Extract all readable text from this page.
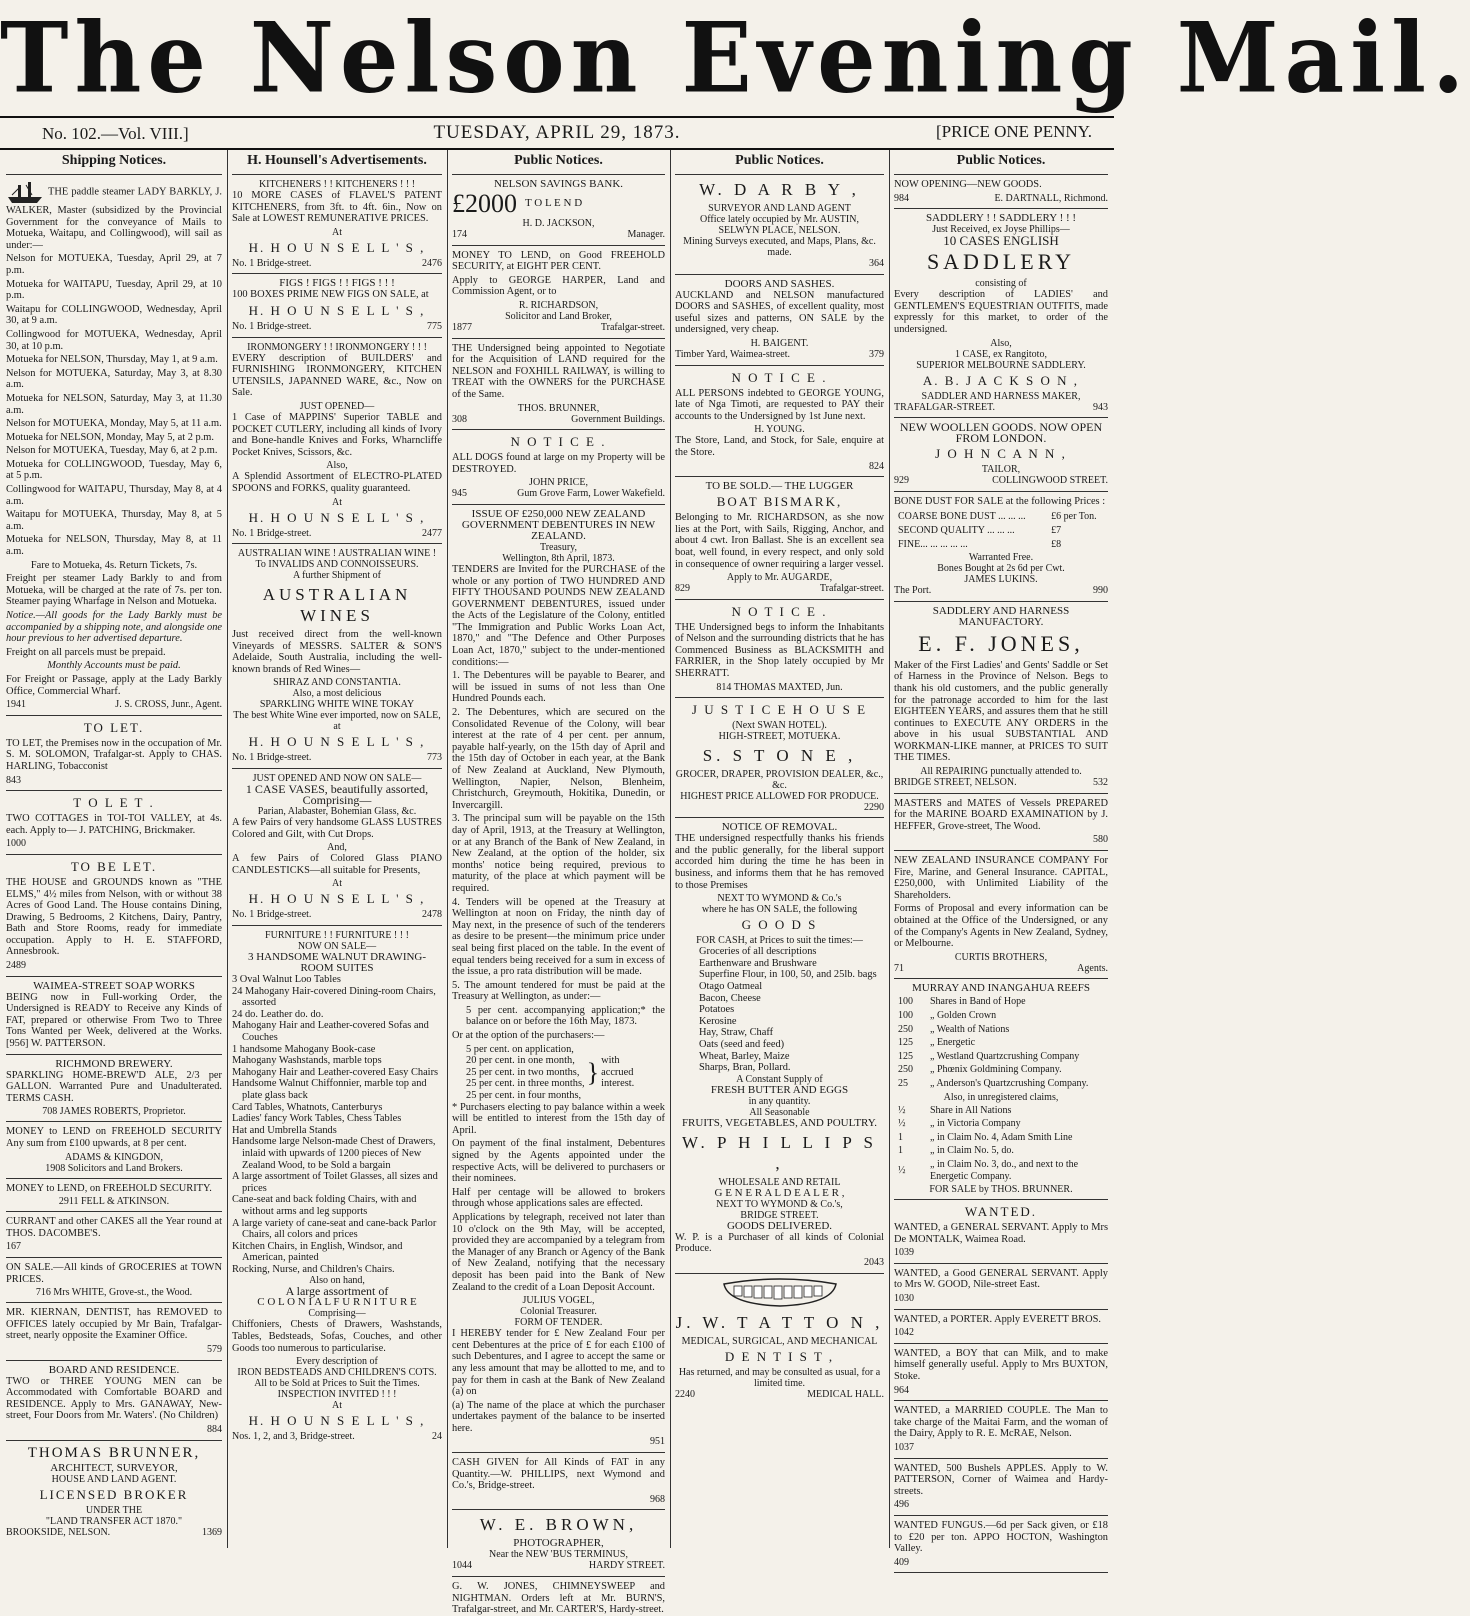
The Nelson Evening Mail.
TUESDAY, APRIL 29, 1873.
No. 102.—Vol. VIII.]	[PRICE ONE PENNY.
Shipping Notices.

THE paddle steamer LADY BARKLY, J. WALKER, Master (subsidized by the Provincial Government for the conveyance of Mails to Motueka, Waitapu, and Collingwood), will sail as under:—

Nelson for MOTUEKA, Tuesday, April 29, at 7 p.m.

Motueka for WAITAPU, Tuesday, April 29, at 10 p.m.

Waitapu for COLLINGWOOD, Wednesday, April 30, at 9 a.m.

Collingwood for MOTUEKA, Wednesday, April 30, at 10 p.m.

Motueka for NELSON, Thursday, May 1, at 9 a.m.

Nelson for MOTUEKA, Saturday, May 3, at 8.30 a.m.

Motueka for NELSON, Saturday, May 3, at 11.30 a.m.

Nelson for MOTUEKA, Monday, May 5, at 11 a.m.

Motueka for NELSON, Monday, May 5, at 2 p.m.

Nelson for MOTUEKA, Tuesday, May 6, at 2 p.m.

Motueka for COLLINGWOOD, Tuesday, May 6, at 5 p.m.

Collingwood for WAITAPU, Thursday, May 8, at 4 a.m.

Waitapu for MOTUEKA, Thursday, May 8, at 5 a.m.

Motueka for NELSON, Thursday, May 8, at 11 a.m.

Fare to Motueka, 4s. Return Tickets, 7s.

Freight per steamer Lady Barkly to and from Motueka, will be charged at the rate of 7s. per ton. Steamer paying Wharfage in Nelson and Motueka.

Notice.—All goods for the Lady Barkly must be accompanied by a shipping note, and alongside one hour previous to her advertised departure.

Freight on all parcels must be prepaid.

Monthly Accounts must be paid.

For Freight or Passage, apply at the Lady Barkly Office, Commercial Wharf.

1941	J. S. CROSS, Junr., Agent.
TO LET.

TO LET, the Premises now in the occupation of Mr. S. M. SOLOMON, Trafalgar-st. Apply to CHAS. HARLING, Tobacconist

843
T O L E T .

TWO COTTAGES in TOI-TOI VALLEY, at 4s. each. Apply to— J. PATCHING, Brickmaker.

1000
TO BE LET.

THE HOUSE and GROUNDS known as "THE ELMS," 4½ miles from Nelson, with or without 38 Acres of Good Land. The House contains Dining, Drawing, 5 Bedrooms, 2 Kitchens, Dairy, Pantry, Bath and Store Rooms, ready for immediate occupation. Apply to H. E. STAFFORD, Annesbrook.

2489
WAIMEA-STREET SOAP WORKS

BEING now in Full-working Order, the Undersigned is READY to Receive any Kinds of FAT, prepared or otherwise From Two to Three Tons Wanted per Week, delivered at the Works. [956] W. PATTERSON.

RICHMOND BREWERY.

SPARKLING HOME-BREW'D ALE, 2/3 per GALLON. Warranted Pure and Unadulterated. TERMS CASH.

708 JAMES ROBERTS, Proprietor.

MONEY to LEND on FREEHOLD SECURITY Any sum from £100 upwards, at 8 per cent.

ADAMS & KINGDON,
1908 Solicitors and Land Brokers.

MONEY to LEND, on FREEHOLD SECURITY.

2911 FELL & ATKINSON.

CURRANT and other CAKES all the Year round at THOS. DACOMBE'S.

167

ON SALE.—All kinds of GROCERIES at TOWN PRICES.

716 Mrs WHITE, Grove-st., the Wood.

MR. KIERNAN, DENTIST, has REMOVED to OFFICES lately occupied by Mr Bain, Trafalgar-street, nearly opposite the Examiner Office.

579
BOARD AND RESIDENCE.

TWO or THREE YOUNG MEN can be Accommodated with Comfortable BOARD and RESIDENCE. Apply to Mrs. GANAWAY, New-street, Four Doors from Mr. Waters'. (No Children)

884
THOMAS BRUNNER,
ARCHITECT, SURVEYOR,
HOUSE AND LAND AGENT.
LICENSED BROKER
UNDER THE
"LAND TRANSFER ACT 1870."
BROOKSIDE, NELSON.	1369
H. Hounsell's Advertisements.
KITCHENERS ! ! KITCHENERS ! ! !

10 MORE CASES of FLAVEL'S PATENT KITCHENERS, from 3ft. to 4ft. 6in., Now on Sale at LOWEST REMUNERATIVE PRICES.

At
H. H O U N S E L L ' S ,
No. 1 Bridge-street.	2476
FIGS ! FIGS ! ! FIGS ! ! !

100 BOXES PRIME NEW FIGS ON SALE, at

H. H O U N S E L L ' S ,
No. 1 Bridge-street.	775
IRONMONGERY ! ! IRONMONGERY ! ! !

EVERY description of BUILDERS' and FURNISHING IRONMONGERY, KITCHEN UTENSILS, JAPANNED WARE, &c., Now on Sale.

JUST OPENED—

1 Case of MAPPINS' Superior TABLE and POCKET CUTLERY, including all kinds of Ivory and Bone-handle Knives and Forks, Wharncliffe Pocket Knives, Scissors, &c.

Also,

A Splendid Assortment of ELECTRO-PLATED SPOONS and FORKS, quality guaranteed.

At
H. H O U N S E L L ' S ,
No. 1 Bridge-street.	2477
AUSTRALIAN WINE ! AUSTRALIAN WINE !
To INVALIDS AND CONNOISSEURS.
A further Shipment of
AUSTRALIAN WINES

Just received direct from the well-known Vineyards of MESSRS. SALTER & SON'S Adelaide, South Australia, including the well-known brands of Red Wines—

SHIRAZ AND CONSTANTIA.
Also, a most delicious
SPARKLING WHITE WINE TOKAY
The best White Wine ever imported, now on SALE, at
H. H O U N S E L L ' S ,
No. 1 Bridge-street.	773
JUST OPENED AND NOW ON SALE—
1 CASE VASES, beautifully assorted, Comprising—
Parian, Alabaster, Bohemian Glass, &c.

A few Pairs of very handsome GLASS LUSTRES Colored and Gilt, with Cut Drops.

And,

A few Pairs of Colored Glass PIANO CANDLESTICKS—all suitable for Presents,

At
H. H O U N S E L L ' S ,
No. 1 Bridge-street.	2478
FURNITURE ! ! FURNITURE ! ! !
NOW ON SALE—
3 HANDSOME WALNUT DRAWING-ROOM SUITES
3 Oval Walnut Loo Tables
24 Mahogany Hair-covered Dining-room Chairs, assorted
24 do. Leather do. do.
Mahogany Hair and Leather-covered Sofas and Couches
1 handsome Mahogany Book-case
Mahogany Washstands, marble tops
Mahogany Hair and Leather-covered Easy Chairs
Handsome Walnut Chiffonnier, marble top and plate glass back
Card Tables, Whatnots, Canterburys
Ladies' fancy Work Tables, Chess Tables
Hat and Umbrella Stands
Handsome large Nelson-made Chest of Drawers, inlaid with upwards of 1200 pieces of New Zealand Wood, to be Sold a bargain
A large assortment of Toilet Glasses, all sizes and prices
Cane-seat and back folding Chairs, with and without arms and leg supports
A large variety of cane-seat and cane-back Parlor Chairs, all colors and prices
Kitchen Chairs, in English, Windsor, and American, painted
Rocking, Nurse, and Children's Chairs.
Also on hand,
A large assortment of
C O L O N I A L F U R N I T U R E
Comprising—

Chiffoniers, Chests of Drawers, Washstands, Tables, Bedsteads, Sofas, Couches, and other Goods too numerous to particularise.

Every description of
IRON BEDSTEADS AND CHILDREN'S COTS.
All to be Sold at Prices to Suit the Times.
INSPECTION INVITED ! ! !
At
H. H O U N S E L L ' S ,
Nos. 1, 2, and 3, Bridge-street.	24
Public Notices.
NELSON SAVINGS BANK.
£2000 T O L E N D
H. D. JACKSON,
174	Manager.

MONEY TO LEND, on Good FREEHOLD SECURITY, at EIGHT PER CENT.

Apply to GEORGE HARPER, Land and Commission Agent, or to

R. RICHARDSON,
Solicitor and Land Broker,
1877	Trafalgar-street.

THE Undersigned being appointed to Negotiate for the Acquisition of LAND required for the NELSON and FOXHILL RAILWAY, is willing to TREAT with the OWNERS for the PURCHASE of the Same.

THOS. BRUNNER,
308	Government Buildings.
N O T I C E .

ALL DOGS found at large on my Property will be DESTROYED.

JOHN PRICE,
945	Gum Grove Farm, Lower Wakefield.
ISSUE OF £250,000 NEW ZEALAND GOVERNMENT DEBENTURES IN NEW ZEALAND.
Treasury,
Wellington, 8th April, 1873.

TENDERS are Invited for the PURCHASE of the whole or any portion of TWO HUNDRED AND FIFTY THOUSAND POUNDS NEW ZEALAND GOVERNMENT DEBENTURES, issued under the Acts of the Legislature of the Colony, entitled "The Immigration and Public Works Loan Act, 1870," and "The Defence and Other Purposes Loan Act, 1870," subject to the under-mentioned conditions:—

1. The Debentures will be payable to Bearer, and will be issued in sums of not less than One Hundred Pounds each.

2. The Debentures, which are secured on the Consolidated Revenue of the Colony, will bear interest at the rate of 4 per cent. per annum, payable half-yearly, on the 15th day of April and the 15th day of October in each year, at the Bank of New Zealand at Auckland, New Plymouth, Wellington, Napier, Nelson, Blenheim, Christchurch, Greymouth, Hokitika, Dunedin, or Invercargill.

3. The principal sum will be payable on the 15th day of April, 1913, at the Treasury at Wellington, or at any Branch of the Bank of New Zealand, in New Zealand, at the option of the holder, six months' notice being required, previous to maturity, of the place at which payment will be required.

4. Tenders will be opened at the Treasury at Wellington at noon on Friday, the ninth day of May next, in the presence of such of the tenderers as desire to be present—the minimum price under seal being first placed on the table. In the event of equal tenders being received for a sum in excess of the issue, a pro rata distribution will be made.

5. The amount tendered for must be paid at the Treasury at Wellington, as under:—

5 per cent. accompanying application;* the balance on or before the 16th May, 1873.

Or at the option of the purchasers:—

5 per cent. on application,
20 per cent. in one month,
25 per cent. in two months,
25 per cent. in three months,
25 per cent. in four months,
} with accrued interest.

* Purchasers electing to pay balance within a week will be entitled to interest from the 15th day of April.

On payment of the final instalment, Debentures signed by the Agents appointed under the respective Acts, will be delivered to purchasers or their nominees.

Half per centage will be allowed to brokers through whose applications sales are effected.

Applications by telegraph, received not later than 10 o'clock on the 9th May, will be accepted, provided they are accompanied by a telegram from the Manager of any Branch or Agency of the Bank of New Zealand, notifying that the necessary deposit has been paid into the Bank of New Zealand to the credit of a Loan Deposit Account.

JULIUS VOGEL,
Colonial Treasurer.
FORM OF TENDER.

I HEREBY tender for £ New Zealand Four per cent Debentures at the price of £ for each £100 of such Debentures, and I agree to accept the same or any less amount that may be allotted to me, and to pay for them in cash at the Bank of New Zealand (a) on

(a) The name of the place at which the purchaser undertakes payment of the balance to be inserted here.

951

CASH GIVEN for All Kinds of FAT in any Quantity.—W. PHILLIPS, next Wymond and Co.'s, Bridge-street.

968
W. E. BROWN,
PHOTOGRAPHER,
Near the NEW 'BUS TERMINUS,
1044	HARDY STREET.

G. W. JONES, CHIMNEYSWEEP and NIGHTMAN. Orders left at Mr. BURN'S, Trafalgar-street, and Mr. CARTER'S, Hardy-street.

Public Notices.
W. D A R B Y ,
SURVEYOR AND LAND AGENT
Office lately occupied by Mr. AUSTIN,
SELWYN PLACE, NELSON.
Mining Surveys executed, and Maps, Plans, &c. made.
364
DOORS AND SASHES.

AUCKLAND and NELSON manufactured DOORS and SASHES, of excellent quality, most useful sizes and patterns, ON SALE by the undersigned, very cheap.

H. BAIGENT.
Timber Yard, Waimea-street.	379
N O T I C E .

ALL PERSONS indebted to GEORGE YOUNG, late of Nga Timoti, are requested to PAY their accounts to the Undersigned by 1st June next.

H. YOUNG.

The Store, Land, and Stock, for Sale, enquire at the Store.

824
TO BE SOLD.— THE LUGGER
BOAT BISMARK,

Belonging to Mr. RICHARDSON, as she now lies at the Port, with Sails, Rigging, Anchor, and about 4 cwt. Iron Ballast. She is an excellent sea boat, well found, in every respect, and only sold in consequence of owner requiring a larger vessel.

Apply to Mr. AUGARDE,
829	Trafalgar-street.
N O T I C E .

THE Undersigned begs to inform the Inhabitants of Nelson and the surrounding districts that he has Commenced Business as BLACKSMITH and FARRIER, in the Shop lately occupied by Mr SHERRATT.

814 THOMAS MAXTED, Jun.
J U S T I C E H O U S E
(Next SWAN HOTEL).
HIGH-STREET, MOTUEKA.
S. S T O N E ,
GROCER, DRAPER, PROVISION DEALER, &c., &c.
HIGHEST PRICE ALLOWED FOR PRODUCE.
2290
NOTICE OF REMOVAL.

THE undersigned respectfully thanks his friends and the public generally, for the liberal support accorded him during the time he has been in business, and informs them that he has removed to those Premises

NEXT TO WYMOND & Co.'s
where he has ON SALE, the following
G O O D S
FOR CASH, at Prices to suit the times:—
Groceries of all descriptions
Earthenware and Brushware
Superfine Flour, in 100, 50, and 25lb. bags
Otago Oatmeal
Bacon, Cheese
Potatoes
Kerosine
Hay, Straw, Chaff
Oats (seed and feed)
Wheat, Barley, Maize
Sharps, Bran, Pollard.
A Constant Supply of
FRESH BUTTER AND EGGS
in any quantity.
All Seasonable
FRUITS, VEGETABLES, AND POULTRY.
W. P H I L L I P S ,
WHOLESALE AND RETAIL
G E N E R A L D E A L E R ,
NEXT TO WYMOND & Co.'s,
BRIDGE STREET.
GOODS DELIVERED.

W. P. is a Purchaser of all kinds of Colonial Produce.

2043
J. W. T A T T O N ,
MEDICAL, SURGICAL, AND MECHANICAL
D E N T I S T ,
Has returned, and may be consulted as usual, for a limited time.
2240	MEDICAL HALL.
Public Notices.

NOW OPENING—NEW GOODS.

984	E. DARTNALL, Richmond.
SADDLERY ! ! SADDLERY ! ! !
Just Received, ex Joyse Phillips—
10 CASES ENGLISH
SADDLERY
consisting of

Every description of LADIES' and GENTLEMEN'S EQUESTRIAN OUTFITS, made expressly for this market, to order of the undersigned.

Also,
1 CASE, ex Rangitoto,
SUPERIOR MELBOURNE SADDLERY.
A. B. J A C K S O N ,
SADDLER AND HARNESS MAKER,
TRAFALGAR-STREET.	943
NEW WOOLLEN GOODS. NOW OPEN FROM LONDON.
J O H N C A N N ,
TAILOR,
929	COLLINGWOOD STREET.

BONE DUST FOR SALE at the following Prices :

COARSE BONE DUST ... ... ...	£6 per Ton.
SECOND QUALITY ... ... ...	£7
FINE... ... ... ... ...	£8
Warranted Free.
Bones Bought at 2s 6d per Cwt.
JAMES LUKINS.
The Port.	990
SADDLERY AND HARNESS MANUFACTORY.
E. F. JONES,

Maker of the First Ladies' and Gents' Saddle or Set of Harness in the Province of Nelson. Begs to thank his old customers, and the public generally for the patronage accorded to him for the last EIGHTEEN YEARS, and assures them that he still continues to EXECUTE ANY ORDERS in the above in his usual SUBSTANTIAL AND WORKMAN-LIKE manner, at PRICES TO SUIT THE TIMES.

All REPAIRING punctually attended to.
BRIDGE STREET, NELSON.	532

MASTERS and MATES of Vessels PREPARED for the MARINE BOARD EXAMINATION by J. HEFFER, Grove-street, The Wood.

580

NEW ZEALAND INSURANCE COMPANY For Fire, Marine, and General Insurance. CAPITAL, £250,000, with Unlimited Liability of the Shareholders.

Forms of Proposal and every information can be obtained at the Office of the Undersigned, or any of the Company's Agents in New Zealand, Sydney, or Melbourne.

CURTIS BROTHERS,
71	Agents.
MURRAY AND INANGAHUA REEFS
100	Shares in Band of Hope
100	„ Golden Crown
250	„ Wealth of Nations
125	„ Energetic
125	„ Westland Quartzcrushing Company
250	„ Phœnix Goldmining Company.
25	„ Anderson's Quartzcrushing Company.
Also, in unregistered claims,
½	Share in All Nations
½	„ in Victoria Company
1	„ in Claim No. 4, Adam Smith Line
1	„ in Claim No. 5, do.
½	„ in Claim No. 3, do., and next to the Energetic Company.
FOR SALE by THOS. BRUNNER.
WANTED.

WANTED, a GENERAL SERVANT. Apply to Mrs De MONTALK, Waimea Road.

1039

WANTED, a Good GENERAL SERVANT. Apply to Mrs W. GOOD, Nile-street East.

1030

WANTED, a PORTER. Apply EVERETT BROS.

1042

WANTED, a BOY that can Milk, and to make himself generally useful. Apply to Mrs BUXTON, Stoke.

964

WANTED, a MARRIED COUPLE. The Man to take charge of the Maitai Farm, and the woman of the Dairy, Apply to R. E. McRAE, Nelson.

1037

WANTED, 500 Bushels APPLES. Apply to W. PATTERSON, Corner of Waimea and Hardy-streets.

496

WANTED FUNGUS.—6d per Sack given, or £18 to £20 per ton. APPO HOCTON, Washington Valley.

409
